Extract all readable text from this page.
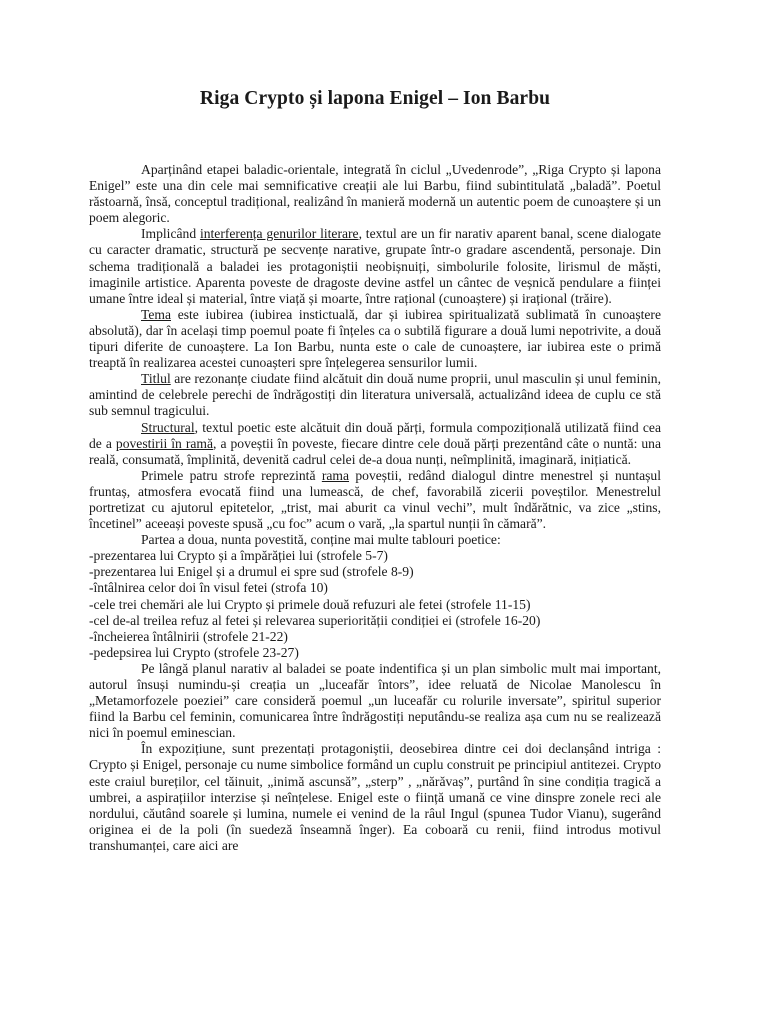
Riga Crypto și lapona Enigel – Ion Barbu

Aparținând etapei baladic-orientale, integrată în ciclul „Uvedenrode”, „Riga Crypto și lapona Enigel” este una din cele mai semnificative creații ale lui Barbu, fiind subintitulată „baladă”. Poetul răstoarnă, însă, conceptul tradițional, realizând în manieră modernă un autentic poem de cunoaștere și un poem alegoric.

Implicând interferența genurilor literare, textul are un fir narativ aparent banal, scene dialogate cu caracter dramatic, structură pe secvențe narative, grupate într-o gradare ascendentă, personaje. Din schema tradițională a baladei ies protagoniștii neobișnuiți, simbolurile folosite, lirismul de măști, imaginile artistice. Aparenta poveste de dragoste devine astfel un cântec de veșnică pendulare a ființei umane între ideal și material, între viață și moarte, între rațional (cunoaștere) și irațional (trăire).

Tema este iubirea (iubirea instictuală, dar și iubirea spiritualizată sublimată în cunoaștere absolută), dar în același timp poemul poate fi înțeles ca o subtilă figurare a două lumi nepotrivite, a două tipuri diferite de cunoaștere. La Ion Barbu, nunta este o cale de cunoaștere, iar iubirea este o primă treaptă în realizarea acestei cunoașteri spre înțelegerea sensurilor lumii.

Titlul are rezonanțe ciudate fiind alcătuit din două nume proprii, unul masculin și unul feminin, amintind de celebrele perechi de îndrăgostiți din literatura universală, actualizând ideea de cuplu ce stă sub semnul tragicului.

Structural, textul poetic este alcătuit din două părți, formula compozițională utilizată fiind cea de a povestirii în ramă, a poveștii în poveste, fiecare dintre cele două părți prezentând câte o nuntă: una reală, consumată, împlinită, devenită cadrul celei de-a doua nunți, neîmplinită, imaginară, inițiatică.

Primele patru strofe reprezintă rama poveștii, redând dialogul dintre menestrel și nuntașul fruntaș, atmosfera evocată fiind una lumească, de chef, favorabilă zicerii poveștilor. Menestrelul portretizat cu ajutorul epitetelor, „trist, mai aburit ca vinul vechi”, mult îndărătnic, va zice „stins, încetinel” aceeași poveste spusă „cu foc” acum o vară, „la spartul nunții în cămară”.

Partea a doua, nunta povestită, conține mai multe tablouri poetice:

-prezentarea lui Crypto și a împărăției lui (strofele 5-7)
-prezentarea lui Enigel și a drumul ei spre sud (strofele 8-9)
-întâlnirea celor doi în visul fetei (strofa 10)
-cele trei chemări ale lui Crypto și primele două refuzuri ale fetei (strofele 11-15)
-cel de-al treilea refuz al fetei și relevarea superiorității condiției ei (strofele 16-20)
-încheierea întâlnirii (strofele 21-22)
-pedepsirea lui Crypto (strofele 23-27)

Pe lângă planul narativ al baladei se poate indentifica și un plan simbolic mult mai important, autorul însuși numindu-și creația un „luceafăr întors”, idee reluată de Nicolae Manolescu în „Metamorfozele poeziei” care consideră poemul „un luceafăr cu rolurile inversate”, spiritul superior fiind la Barbu cel feminin, comunicarea între îndrăgostiți neputându-se realiza așa cum nu se realizează nici în poemul eminescian.

În expozițiune, sunt prezentați protagoniștii, deosebirea dintre cei doi declanșând intriga : Crypto și Enigel, personaje cu nume simbolice formând un cuplu construit pe principiul antitezei. Crypto este craiul bureților, cel tăinuit, „inimă ascunsă”, „sterp” , „nărăvaș”, purtând în sine condiția tragică a umbrei, a aspirațiilor interzise și neînțelese. Enigel este o ființă umană ce vine dinspre zonele reci ale nordului, căutând soarele și lumina, numele ei venind de la râul Ingul (spunea Tudor Vianu), sugerând originea ei de la poli (în suedeză înseamnă înger). Ea coboară cu renii, fiind introdus motivul transhumanței, care aici are
